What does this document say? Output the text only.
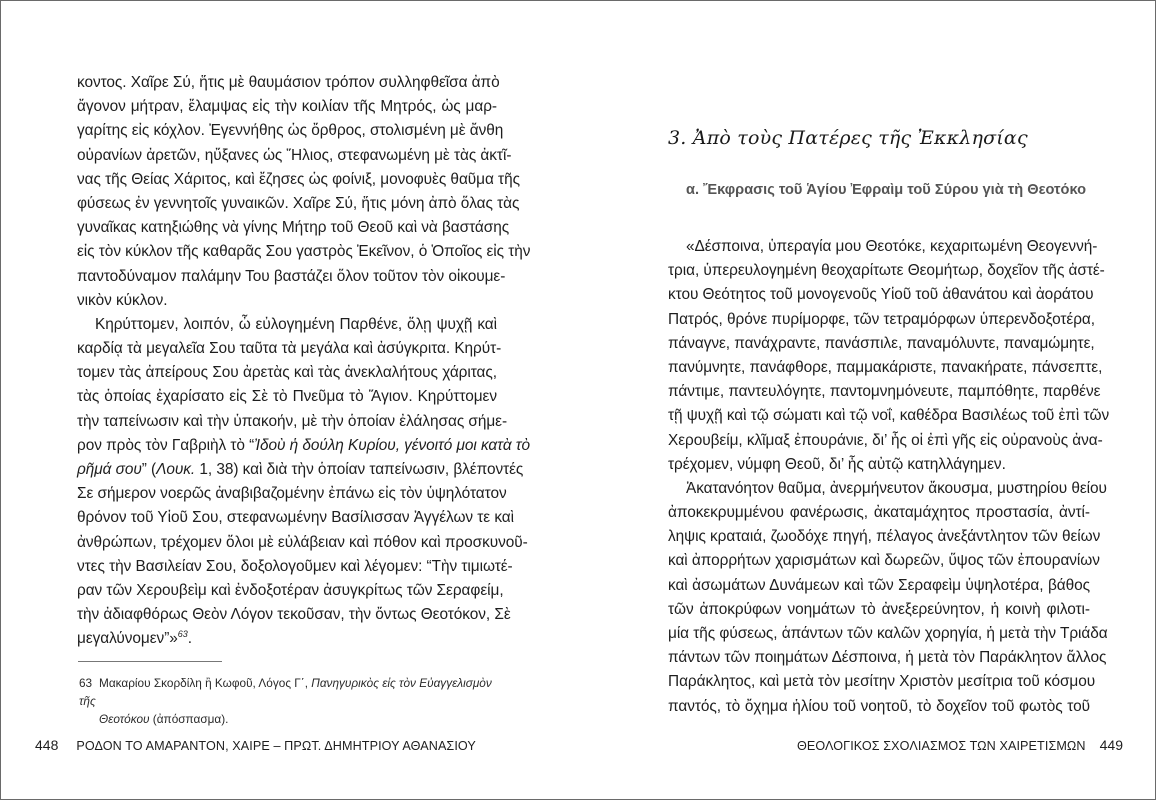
κοντος. Χαῖρε Σύ, ἥτις μὲ θαυμάσιον τρόπον συλληφθεῖσα ἀπὸ
ἄγονον μήτραν, ἔλαμψας εἰς τὴν κοιλίαν τῆς Μητρός, ὡς μαρ-
γαρίτης εἰς κόχλον. Ἐγεννήθης ὡς ὄρθρος, στολισμένη μὲ ἄνθη
οὐρανίων ἀρετῶν, ηὔξανες ὡς Ἥλιος, στεφανωμένη μὲ τὰς ἀκτῖ-
νας τῆς Θείας Χάριτος, καὶ ἔζησες ὡς φοίνιξ, μονοφυὲς θαῦμα τῆς
φύσεως ἐν γεννητοῖς γυναικῶν. Χαῖρε Σύ, ἥτις μόνη ἀπὸ ὅλας τὰς
γυναῖκας κατηξιώθης νὰ γίνης Μήτηρ τοῦ Θεοῦ καὶ νὰ βαστάσης
εἰς τὸν κύκλον τῆς καθαρᾶς Σου γαστρὸς Ἐκεῖνον, ὁ Ὁποῖος εἰς τὴν
παντοδύναμον παλάμην Του βαστάζει ὅλον τοῦτον τὸν οἰκουμε-
νικὸν κύκλον.
Κηρύττομεν, λοιπόν, ὦ εὐλογημένη Παρθένε, ὅλῃ ψυχῇ καὶ
καρδίᾳ τὰ μεγαλεῖα Σου ταῦτα τὰ μεγάλα καὶ ἀσύγκριτα. Κηρύτ-
τομεν τὰς ἀπείρους Σου ἀρετὰς καὶ τὰς ἀνεκλαλήτους χάριτας,
τὰς ὁποίας ἐχαρίσατο εἰς Σὲ τὸ Πνεῦμα τὸ Ἅγιον. Κηρύττομεν
τὴν ταπείνωσιν καὶ τὴν ὑπακοήν, μὲ τὴν ὁποίαν ἐλάλησας σήμε-
ρον πρὸς τὸν Γαβριὴλ τὸ “Ἰδοὺ ἡ δούλη Κυρίου, γένοιτό μοι κατὰ τὸ
ρῆμά σου” (Λουκ. 1, 38) καὶ διὰ τὴν ὁποίαν ταπείνωσιν, βλέποντές
Σε σήμερον νοερῶς ἀναβιβαζομένην ἐπάνω εἰς τὸν ὑψηλότατον
θρόνον τοῦ Υἱοῦ Σου, στεφανωμένην Βασίλισσαν Ἀγγέλων τε καὶ
ἀνθρώπων, τρέχομεν ὅλοι μὲ εὐλάβειαν καὶ πόθον καὶ προσκυνοῦ-
ντες τὴν Βασιλείαν Σου, δοξολογοῦμεν καὶ λέγομεν: “Τὴν τιμιωτέ-
ραν τῶν Χερουβεὶμ καὶ ἐνδοξοτέραν ἀσυγκρίτως τῶν Σεραφείμ,
τὴν ἀδιαφθόρως Θεὸν Λόγον τεκοῦσαν, τὴν ὄντως Θεοτόκον, Σὲ
μεγαλύνομεν”»$^{63}$.
63 Μακαρίου Σκορδίλη ἢ Κωφοῦ, Λόγος Γ΄, Πανηγυρικὸς εἰς τὸν Εὐαγγελισμὸν τῆς
Θεοτόκου (ἀπόσπασμα).
448 ΡΟΔΟΝ ΤΟ ΑΜΑΡΑΝΤΟΝ, ΧΑΙΡΕ – ΠΡΩΤ. ΔΗΜΗΤΡΙΟΥ ΑΘΑΝΑΣΙΟΥ
3. Ἀπὸ τοὺς Πατέρες τῆς Ἐκκλησίας
α. Ἔκφρασις τοῦ Ἁγίου Ἐφραὶμ τοῦ Σύρου γιὰ τὴ Θεοτόκο
«Δέσποινα, ὑπεραγία μου Θεοτόκε, κεχαριτωμένη Θεογεννή-
τρια, ὑπερευλογημένη θεοχαρίτωτε Θεομήτωρ, δοχεῖον τῆς ἀστέ-
κτου Θεότητος τοῦ μονογενοῦς Υἱοῦ τοῦ ἀθανάτου καὶ ἀοράτου
Πατρός, θρόνε πυρίμορφε, τῶν τετραμόρφων ὑπερενδοξοτέρα,
πάναγνε, πανάχραντε, πανάσπιλε, παναμόλυντε, παναμώμητε,
πανύμνητε, πανάφθορε, παμμακάριστε, πανακήρατε, πάνσεπτε,
πάντιμε, παντευλόγητε, παντομνημόνευτε, παμπόθητε, παρθένε
τῇ ψυχῇ καὶ τῷ σώματι καὶ τῷ νοΐ, καθέδρα Βασιλέως τοῦ ἐπὶ τῶν
Χερουβείμ, κλῖμαξ ἐπουράνιε, δι’ ἧς οἱ ἐπὶ γῆς εἰς οὐρανοὺς ἀνα-
τρέχομεν, νύμφη Θεοῦ, δι’ ἧς αὐτῷ κατηλλάγημεν.
Ἀκατανόητον θαῦμα, ἀνερμήνευτον ἄκουσμα, μυστηρίου θείου
ἀποκεκρυμμένου φανέρωσις, ἀκαταμάχητος προστασία, ἀντί-
ληψις κραταιά, ζωοδόχε πηγή, πέλαγος ἀνεξάντλητον τῶν θείων
καὶ ἀπορρήτων χαρισμάτων καὶ δωρεῶν, ὕψος τῶν ἐπουρανίων
καὶ ἀσωμάτων Δυνάμεων καὶ τῶν Σεραφεὶμ ὑψηλοτέρα, βάθος
τῶν ἀποκρύφων νοημάτων τὸ ἀνεξερεύνητον, ἡ κοινὴ φιλοτι-
μία τῆς φύσεως, ἁπάντων τῶν καλῶν χορηγία, ἡ μετὰ τὴν Τριάδα
πάντων τῶν ποιημάτων Δέσποινα, ἡ μετὰ τὸν Παράκλητον ἄλλος
Παράκλητος, καὶ μετὰ τὸν μεσίτην Χριστὸν μεσίτρια τοῦ κόσμου
παντός, τὸ ὄχημα ἡλίου τοῦ νοητοῦ, τὸ δοχεῖον τοῦ φωτὸς τοῦ
ΘΕΟΛΟΓΙΚΟΣ ΣΧΟΛΙΑΣΜΟΣ ΤΩΝ ΧΑΙΡΕΤΙΣΜΩΝ 449
